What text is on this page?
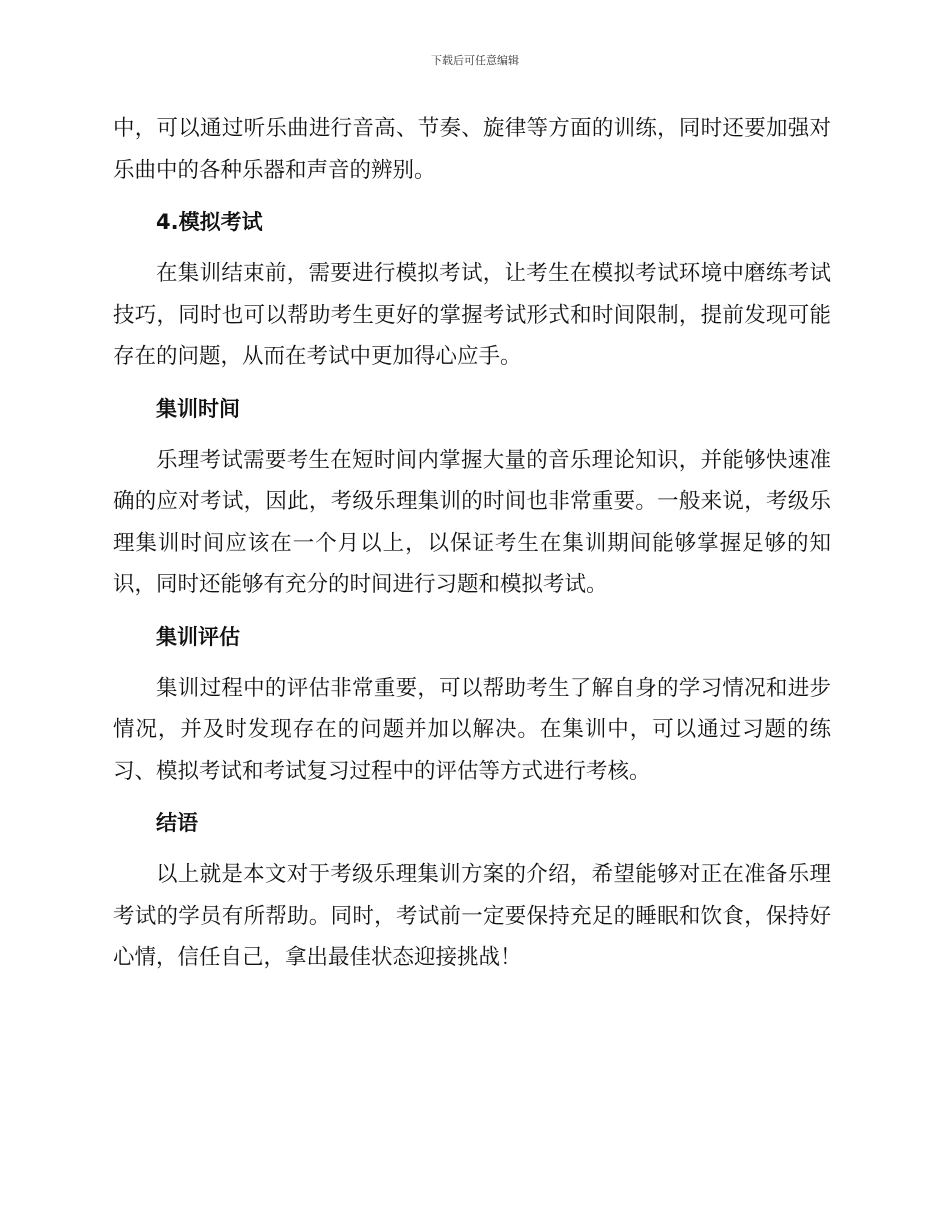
下载后可任意编辑

中，可以通过听乐曲进行音高、节奏、旋律等方面的训练，同时还要加强对乐曲中的各种乐器和声音的辨别。

4.模拟考试

在集训结束前，需要进行模拟考试，让考生在模拟考试环境中磨练考试技巧，同时也可以帮助考生更好的掌握考试形式和时间限制，提前发现可能存在的问题，从而在考试中更加得心应手。

集训时间

乐理考试需要考生在短时间内掌握大量的音乐理论知识，并能够快速准确的应对考试，因此，考级乐理集训的时间也非常重要。一般来说，考级乐理集训时间应该在一个月以上，以保证考生在集训期间能够掌握足够的知识，同时还能够有充分的时间进行习题和模拟考试。

集训评估

集训过程中的评估非常重要，可以帮助考生了解自身的学习情况和进步情况，并及时发现存在的问题并加以解决。在集训中，可以通过习题的练习、模拟考试和考试复习过程中的评估等方式进行考核。

结语

以上就是本文对于考级乐理集训方案的介绍，希望能够对正在准备乐理考试的学员有所帮助。同时，考试前一定要保持充足的睡眠和饮食，保持好心情，信任自己，拿出最佳状态迎接挑战！
